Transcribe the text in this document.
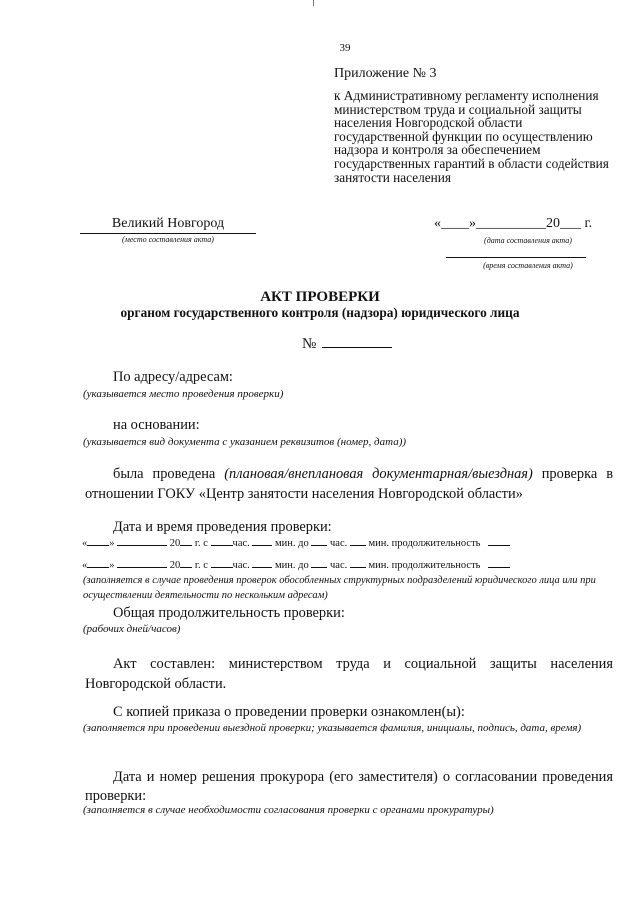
39
Приложение № 3
к Административному регламенту исполнения министерством труда и социальной защиты населения Новгородской области государственной функции по осуществлению надзора и контроля за обеспечением государственных гарантий в области содействия занятости населения
Великий Новгород
(место составления акта)
«____»__________20___ г.
(дата составления акта)
(время составления акта)
АКТ ПРОВЕРКИ
органом государственного контроля (надзора) юридического лица
№
По адресу/адресам:
(указывается место проведения проверки)
на основании:
(указывается вид документа с указанием реквизитов (номер, дата))
была проведена (плановая/внеплановая документарная/выездная) проверка в отношении ГОКУ «Центр занятости населения Новгородской области»
Дата и время проведения проверки:
« »	20 г. с час. мин. до час. мин. продолжительность
« »	20 г. с час. мин. до час. мин. продолжительность
(заполняется в случае проведения проверок обособленных структурных подразделений юридического лица или при осуществлении деятельности по нескольким адресам)
Общая продолжительность проверки:
(рабочих дней/часов)
Акт составлен: министерством труда и социальной защиты населения Новгородской области.
С копией приказа о проведении проверки ознакомлен(ы):
(заполняется при проведении выездной проверки; указывается фамилия, инициалы, подпись, дата, время)
Дата и номер решения прокурора (его заместителя) о согласовании проведения проверки:
(заполняется в случае необходимости согласования проверки с органами прокуратуры)
